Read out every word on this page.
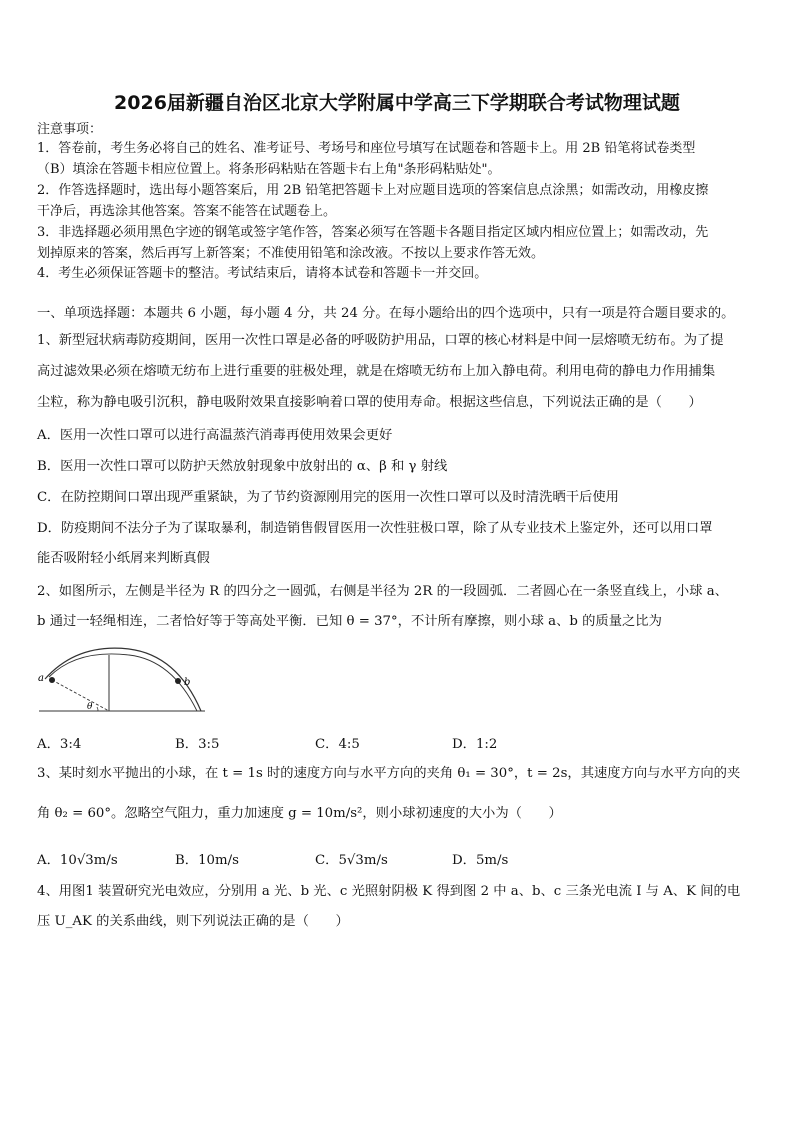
2026届新疆自治区北京大学附属中学高三下学期联合考试物理试题
注意事项：
1．答卷前，考生务必将自己的姓名、准考证号、考场号和座位号填写在试题卷和答题卡上。用 2B 铅笔将试卷类型
（B）填涂在答题卡相应位置上。将条形码粘贴在答题卡右上角"条形码粘贴处"。
2．作答选择题时，选出每小题答案后，用 2B 铅笔把答题卡上对应题目选项的答案信息点涂黑；如需改动，用橡皮擦
干净后，再选涂其他答案。答案不能答在试题卷上。
3．非选择题必须用黑色字迹的钢笔或签字笔作答，答案必须写在答题卡各题目指定区域内相应位置上；如需改动，先
划掉原来的答案，然后再写上新答案；不准使用铅笔和涂改液。不按以上要求作答无效。
4．考生必须保证答题卡的整洁。考试结束后，请将本试卷和答题卡一并交回。
一、单项选择题：本题共 6 小题，每小题 4 分，共 24 分。在每小题给出的四个选项中，只有一项是符合题目要求的。
1、新型冠状病毒防疫期间，医用一次性口罩是必备的呼吸防护用品，口罩的核心材料是中间一层熔喷无纺布。为了提
高过滤效果必须在熔喷无纺布上进行重要的驻极处理，就是在熔喷无纺布上加入静电荷。利用电荷的静电力作用捕集
尘粒，称为静电吸引沉积，静电吸附效果直接影响着口罩的使用寿命。根据这些信息，下列说法正确的是（　　）
A．医用一次性口罩可以进行高温蒸汽消毒再使用效果会更好
B．医用一次性口罩可以防护天然放射现象中放射出的 α、β 和 γ 射线
C．在防控期间口罩出现严重紧缺，为了节约资源刚用完的医用一次性口罩可以及时清洗晒干后使用
D．防疫期间不法分子为了谋取暴利，制造销售假冒医用一次性驻极口罩，除了从专业技术上鉴定外，还可以用口罩
能否吸附轻小纸屑来判断真假
2、如图所示，左侧是半径为 R 的四分之一圆弧，右侧是半径为 2R 的一段圆弧．二者圆心在一条竖直线上，小球 a、
b 通过一轻绳相连，二者恰好等于等高处平衡．已知 θ = 37°，不计所有摩擦，则小球 a、b 的质量之比为
a	b
θ
A．3:4	B．3:5	C．4:5	D．1:2
3、某时刻水平抛出的小球，在 t = 1s 时的速度方向与水平方向的夹角 θ₁ = 30°，t = 2s，其速度方向与水平方向的夹
角 θ₂ = 60°。忽略空气阻力，重力加速度 g = 10m/s²，则小球初速度的大小为（　　）
A．10√3m/s	B．10m/s	C．5√3m/s	D．5m/s
4、用图1 装置研究光电效应，分别用 a 光、b 光、c 光照射阴极 K 得到图 2 中 a、b、c 三条光电流 I 与 A、K 间的电
压 U_AK 的关系曲线，则下列说法正确的是（　　）
